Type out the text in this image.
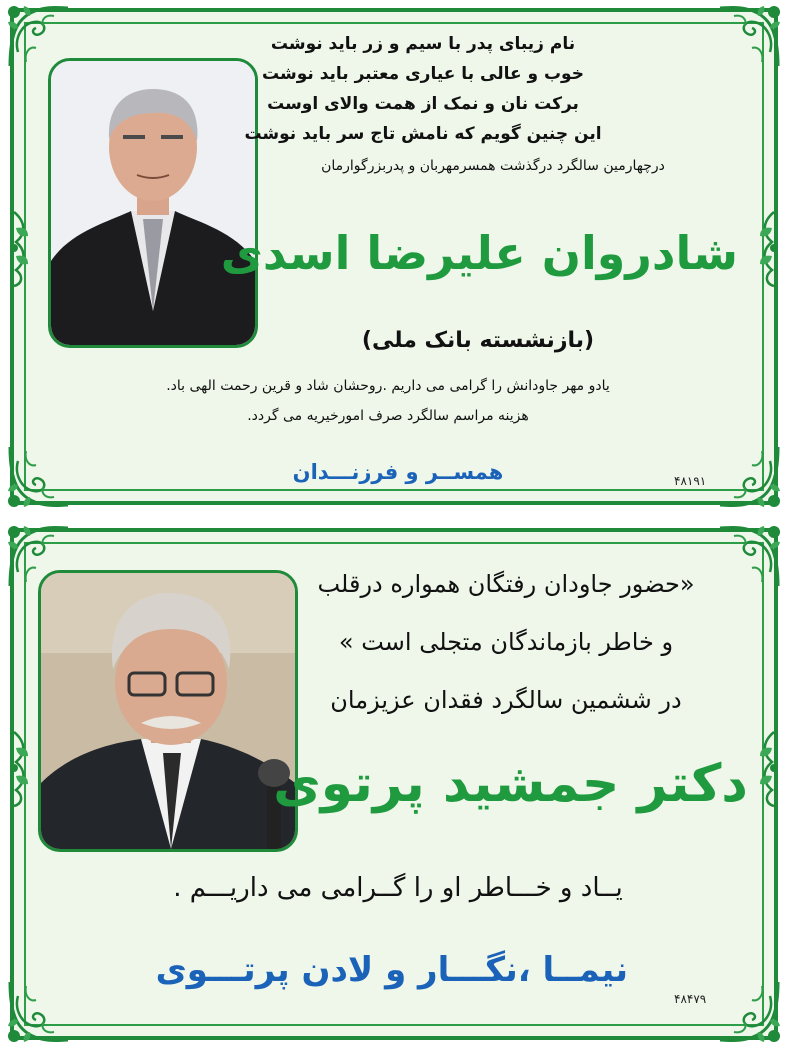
نام زیبای پدر با سیم و زر باید نوشت
خوب و عالی با عیاری معتبر باید نوشت
برکت نان و نمک از همت والای اوست
این چنین گویم که نامش تاج سر باید نوشت
درچهارمین سالگرد درگذشت همسرمهربان و پدربزرگوارمان
شادروان علیرضا اسدی
(بازنشسته بانک ملی)
یادو مهر جاودانش را گرامی می داریم .روحشان شاد و قرین رحمت الهی باد.
هزینه مراسم سالگرد صرف امورخیریه می گردد.
همســر و فرزنـــدان	۴۸۱۹۱
«حضور جاودان رفتگان همواره درقلب
و خاطر بازماندگان متجلی است »
در ششمین سالگرد فقدان عزیزمان
دکتر جمشید پرتوی
یــاد و خـــاطر او را گــرامی می داریـــم .
نیمــا ،نگـــار و لادن پرتـــوی
۴۸۴۷۹
